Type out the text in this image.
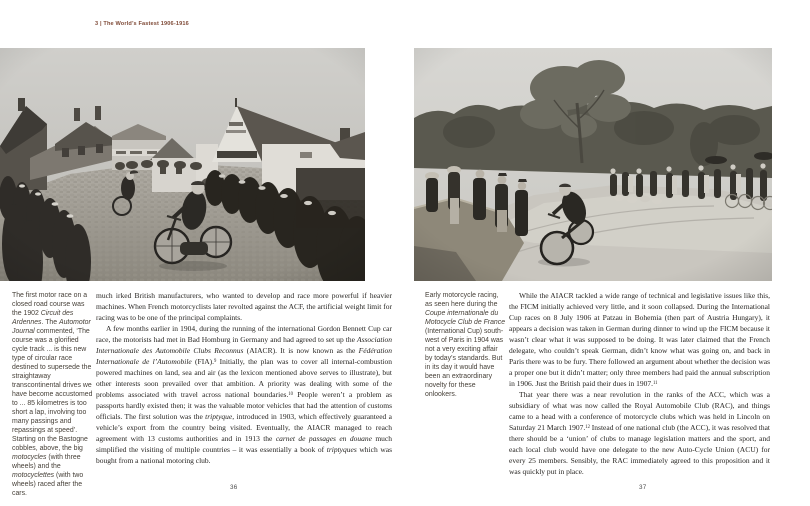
3 | The World’s Fastest 1906-1916
The first motor race on a closed road course was the 1902 Circuit des Ardennes. The Automotor Journal commented, ‘The course was a glorified cycle track ... is this new type of circular race destined to supersede the straightaway transcontinental drives we have become accustomed to ... 85 kilometres is too short a lap, involving too many passings and repassings at speed’. Starting on the Bastogne cobbles, above, the big motocycles (with three wheels) and the motocyclettes (with two wheels) raced after the cars.
Early motorcycle racing, as seen here during the Coupe internationale du Motocycle Club de France (International Cup) south-west of Paris in 1904 was not a very exciting affair by today’s standards. But in its day it would have been an extraordinary novelty for these onlookers.

much irked British manufacturers, who wanted to develop and race more powerful if heavier machines. When French motorcyclists later revolted against the ACF, the artificial weight limit for racing was to be one of the principal complaints.

A few months earlier in 1904, during the running of the international Gordon Bennett Cup car race, the motorists had met in Bad Homburg in Germany and had agreed to set up the Association Internationale des Automobile Clubs Reconnus (AIACR). It is now known as the Fédération Internationale de l’Automobile (FIA).$^9$ Initially, the plan was to cover all internal-combustion powered machines on land, sea and air (as the lexicon mentioned above serves to illustrate), but other interests soon prevailed over that ambition. A priority was dealing with some of the problems associated with travel across national boundaries.$^{10}$ People weren’t a problem as passports hardly existed then; it was the valuable motor vehicles that had the attention of customs officials. The first solution was the triptyque, introduced in 1903, which effectively guaranteed a vehicle’s export from the country being visited. Eventually, the AIACR managed to reach agreement with 13 customs authorities and in 1913 the carnet de passages en douane much simplified the visiting of multiple countries – it was essentially a book of triptyques which was bought from a national motoring club.

While the AIACR tackled a wide range of technical and legislative issues like this, the FICM initially achieved very little, and it soon collapsed. During the International Cup races on 8 July 1906 at Patzau in Bohemia (then part of Austria Hungary), it appears a decision was taken in German during dinner to wind up the FICM because it wasn’t clear what it was supposed to be doing. It was later claimed that the French delegate, who couldn’t speak German, didn’t know what was going on, and back in Paris there was to be fury. There followed an argument about whether the decision was a proper one but it didn’t matter; only three members had paid the annual subscription in 1906. Just the British paid their dues in 1907.11

That year there was a near revolution in the ranks of the ACC, which was a subsidiary of what was now called the Royal Automobile Club (RAC), and things came to a head with a conference of motorcycle clubs which was held in Lincoln on Saturday 21 March 1907.12 Instead of one national club (the ACC), it was resolved that there should be a ‘union’ of clubs to manage legislation matters and the sport, and each local club would have one delegate to the new Auto-Cycle Union (ACU) for every 25 members. Sensibly, the RAC immediately agreed to this proposition and it was quickly put in place.

36	37
